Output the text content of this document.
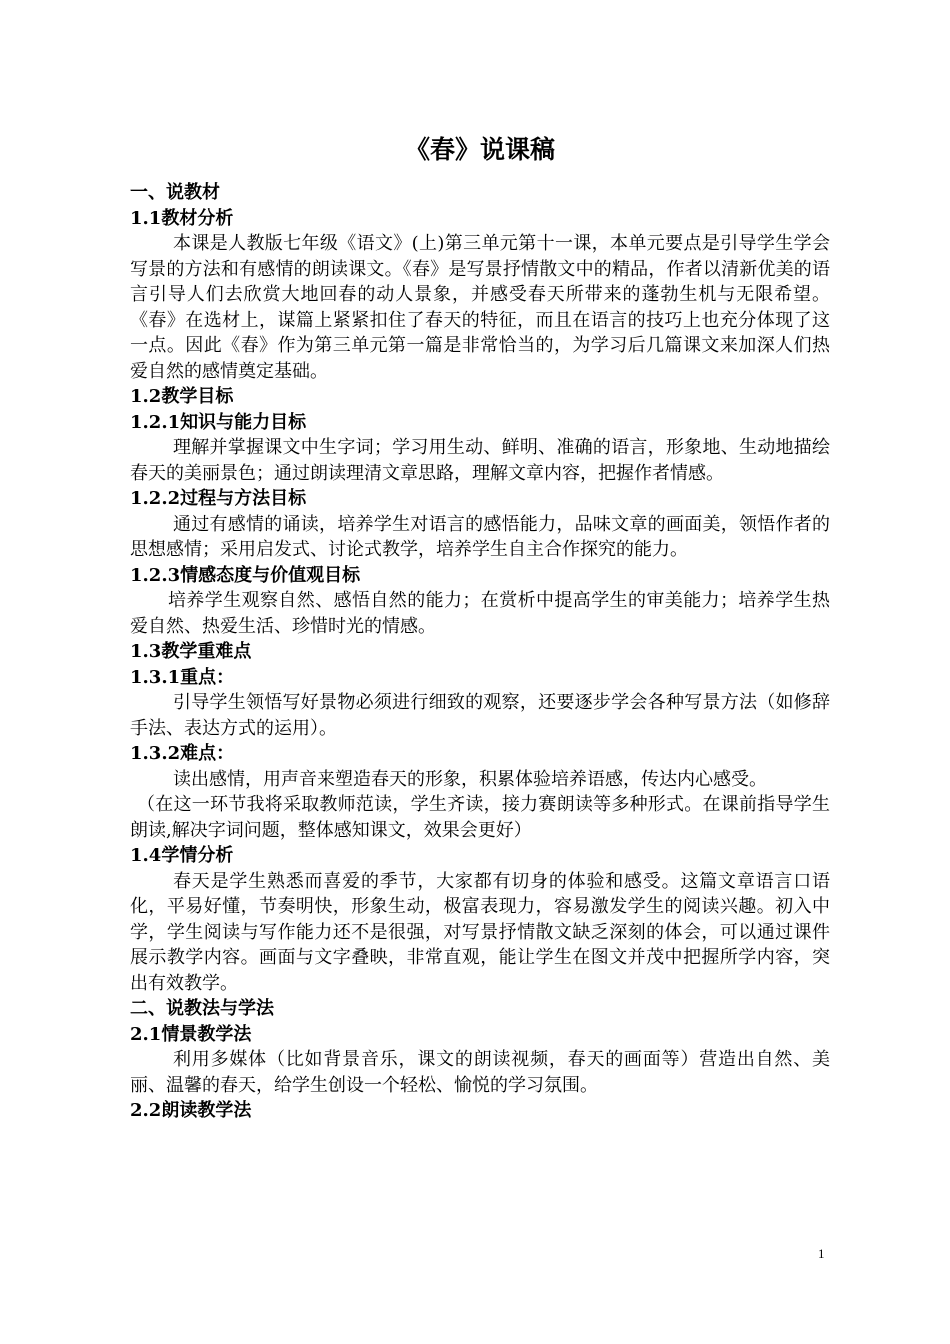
《春》说课稿
一、说教材
1.1教材分析
本课是人教版七年级《语文》(上)第三单元第十一课，本单元要点是引导学生学会写景的方法和有感情的朗读课文。《春》是写景抒情散文中的精品，作者以清新优美的语言引导人们去欣赏大地回春的动人景象，并感受春天所带来的蓬勃生机与无限希望。《春》在选材上，谋篇上紧紧扣住了春天的特征，而且在语言的技巧上也充分体现了这一点。因此《春》作为第三单元第一篇是非常恰当的，为学习后几篇课文来加深人们热爱自然的感情奠定基础。
1.2教学目标
1.2.1知识与能力目标
理解并掌握课文中生字词；学习用生动、鲜明、准确的语言，形象地、生动地描绘春天的美丽景色；通过朗读理清文章思路，理解文章内容，把握作者情感。
1.2.2过程与方法目标
通过有感情的诵读，培养学生对语言的感悟能力，品味文章的画面美，领悟作者的思想感情；采用启发式、讨论式教学，培养学生自主合作探究的能力。
1.2.3情感态度与价值观目标
培养学生观察自然、感悟自然的能力；在赏析中提高学生的审美能力；培养学生热爱自然、热爱生活、珍惜时光的情感。
1.3教学重难点
1.3.1重点：
引导学生领悟写好景物必须进行细致的观察，还要逐步学会各种写景方法（如修辞手法、表达方式的运用）。
1.3.2难点：
读出感情，用声音来塑造春天的形象，积累体验培养语感，传达内心感受。
（在这一环节我将采取教师范读，学生齐读，接力赛朗读等多种形式。在课前指导学生朗读,解决字词问题，整体感知课文，效果会更好）
1.4学情分析
春天是学生熟悉而喜爱的季节，大家都有切身的体验和感受。这篇文章语言口语化，平易好懂，节奏明快，形象生动，极富表现力，容易激发学生的阅读兴趣。初入中学，学生阅读与写作能力还不是很强，对写景抒情散文缺乏深刻的体会，可以通过课件展示教学内容。画面与文字叠映，非常直观，能让学生在图文并茂中把握所学内容，突出有效教学。
二、说教法与学法
2.1情景教学法
利用多媒体（比如背景音乐，课文的朗读视频，春天的画面等）营造出自然、美丽、温馨的春天，给学生创设一个轻松、愉悦的学习氛围。
2.2朗读教学法
1
